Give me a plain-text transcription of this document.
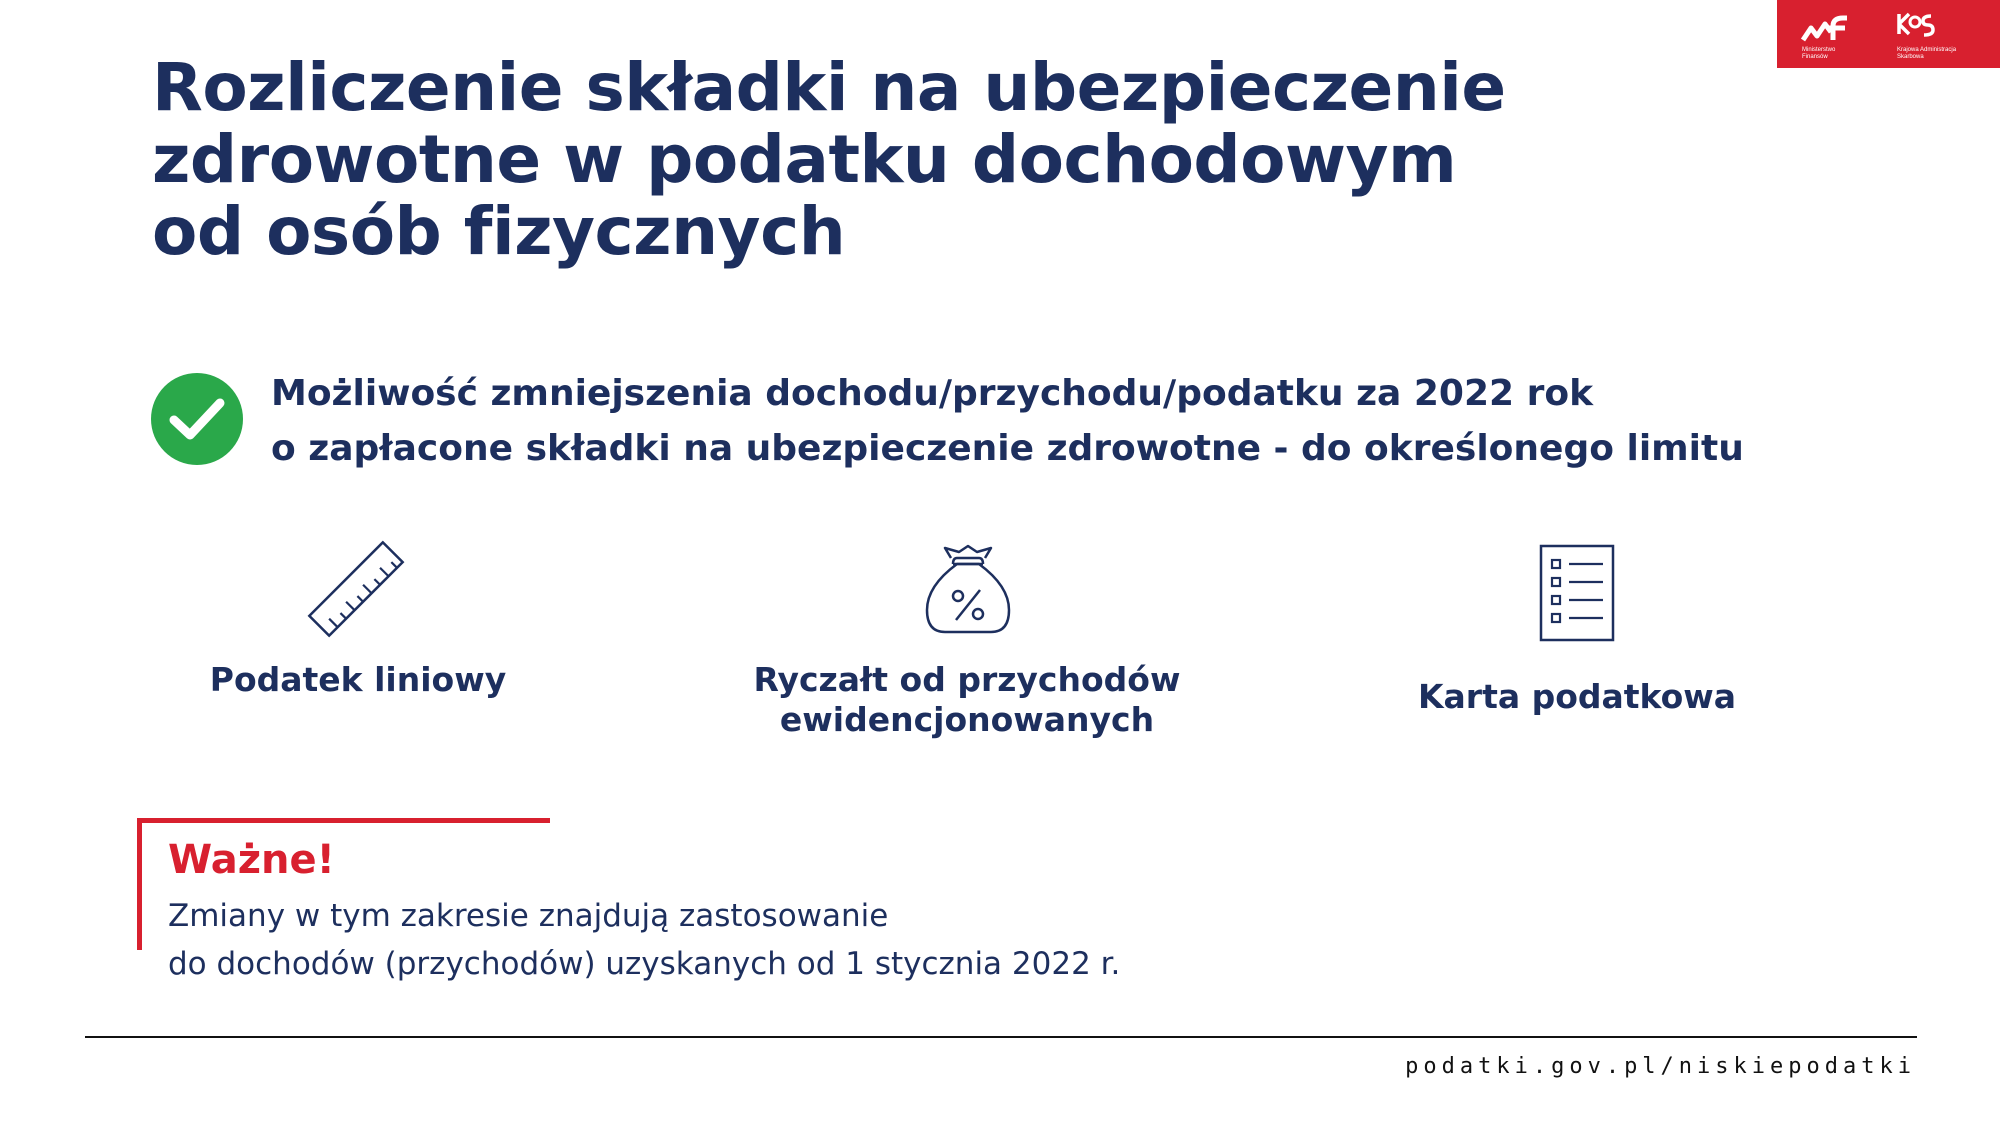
Ministerstwo
Finansów
Krajowa Administracja
Skarbowa
Rozliczenie składki na ubezpieczenie
zdrowotne w podatku dochodowym
od osób fizycznych
Możliwość zmniejszenia dochodu/przychodu/podatku za 2022 rok
o zapłacone składki na ubezpieczenie zdrowotne - do określonego limitu
Podatek liniowy	Ryczałt od przychodów
ewidencjonowanych
Karta podatkowa
Ważne!
Zmiany w tym zakresie znajdują zastosowanie
do dochodów (przychodów) uzyskanych od 1 stycznia 2022 r.
podatki.gov.pl/niskiepodatki
